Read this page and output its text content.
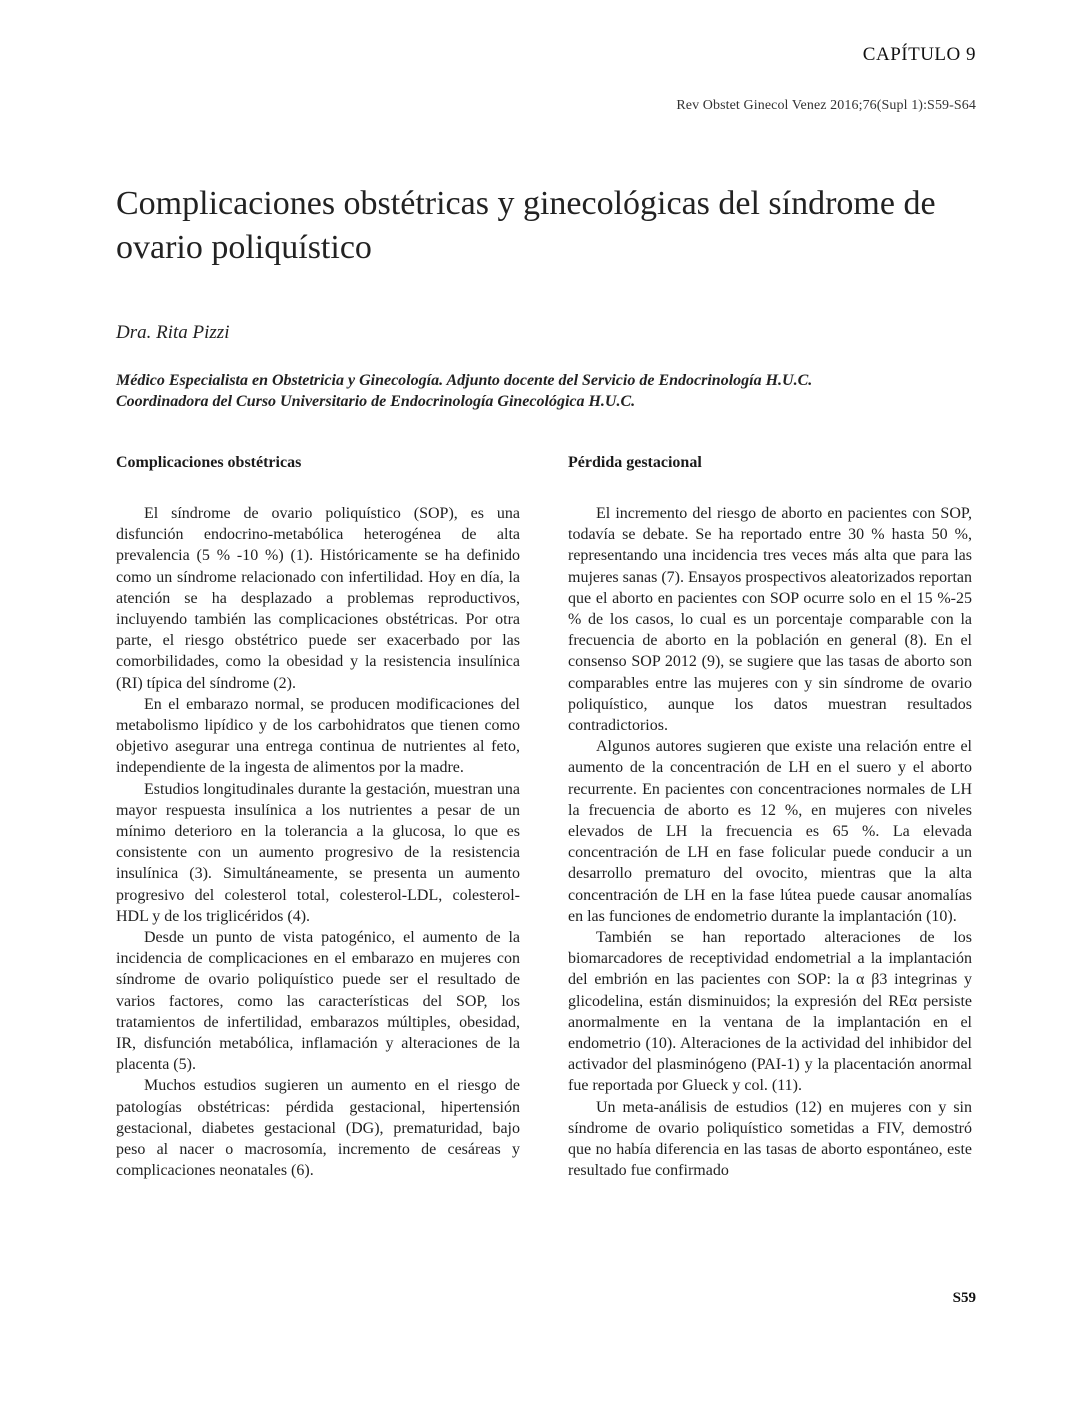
CAPÍTULO 9
Rev Obstet Ginecol Venez 2016;76(Supl 1):S59-S64
Complicaciones obstétricas y ginecológicas del síndrome de ovario poliquístico
Dra. Rita Pizzi
Médico Especialista en Obstetricia y Ginecología. Adjunto docente del Servicio de Endocrinología H.U.C.
Coordinadora del Curso Universitario de Endocrinología Ginecológica H.U.C.
Complicaciones obstétricas

El síndrome de ovario poliquístico (SOP), es una disfunción endocrino-metabólica heterogénea de alta prevalencia (5 % -10 %) (1). Históricamente se ha definido como un síndrome relacionado con infertilidad. Hoy en día, la atención se ha desplazado a problemas reproductivos, incluyendo también las complicaciones obstétricas. Por otra parte, el riesgo obstétrico puede ser exacerbado por las comorbilidades, como la obesidad y la resistencia insulínica (RI) típica del síndrome (2).

En el embarazo normal, se producen modificaciones del metabolismo lipídico y de los carbohidratos que tienen como objetivo asegurar una entrega continua de nutrientes al feto, independiente de la ingesta de alimentos por la madre.

Estudios longitudinales durante la gestación, muestran una mayor respuesta insulínica a los nutrientes a pesar de un mínimo deterioro en la tolerancia a la glucosa, lo que es consistente con un aumento progresivo de la resistencia insulínica (3). Simultáneamente, se presenta un aumento progresivo del colesterol total, colesterol-LDL, colesterol-HDL y de los triglicéridos (4).

Desde un punto de vista patogénico, el aumento de la incidencia de complicaciones en el embarazo en mujeres con síndrome de ovario poliquístico puede ser el resultado de varios factores, como las características del SOP, los tratamientos de infertilidad, embarazos múltiples, obesidad, IR, disfunción metabólica, inflamación y alteraciones de la placenta (5).

Muchos estudios sugieren un aumento en el riesgo de patologías obstétricas: pérdida gestacional, hipertensión gestacional, diabetes gestacional (DG), prematuridad, bajo peso al nacer o macrosomía, incremento de cesáreas y complicaciones neonatales (6).

Pérdida gestacional

El incremento del riesgo de aborto en pacientes con SOP, todavía se debate. Se ha reportado entre 30 % hasta 50 %, representando una incidencia tres veces más alta que para las mujeres sanas (7). Ensayos prospectivos aleatorizados reportan que el aborto en pacientes con SOP ocurre solo en el 15 %-25 % de los casos, lo cual es un porcentaje comparable con la frecuencia de aborto en la población en general (8). En el consenso SOP 2012 (9), se sugiere que las tasas de aborto son comparables entre las mujeres con y sin síndrome de ovario poliquístico, aunque los datos muestran resultados contradictorios.

Algunos autores sugieren que existe una relación entre el aumento de la concentración de LH en el suero y el aborto recurrente. En pacientes con concentraciones normales de LH la frecuencia de aborto es 12 %, en mujeres con niveles elevados de LH la frecuencia es 65 %. La elevada concentración de LH en fase folicular puede conducir a un desarrollo prematuro del ovocito, mientras que la alta concentración de LH en la fase lútea puede causar anomalías en las funciones de endometrio durante la implantación (10).

También se han reportado alteraciones de los biomarcadores de receptividad endometrial a la implantación del embrión en las pacientes con SOP: la α β3 integrinas y glicodelina, están disminuidos; la expresión del REα persiste anormalmente en la ventana de la implantación en el endometrio (10). Alteraciones de la actividad del inhibidor del activador del plasminógeno (PAI-1) y la placentación anormal fue reportada por Glueck y col. (11).

Un meta-análisis de estudios (12) en mujeres con y sin síndrome de ovario poliquístico sometidas a FIV, demostró que no había diferencia en las tasas de aborto espontáneo, este resultado fue confirmado

S59
